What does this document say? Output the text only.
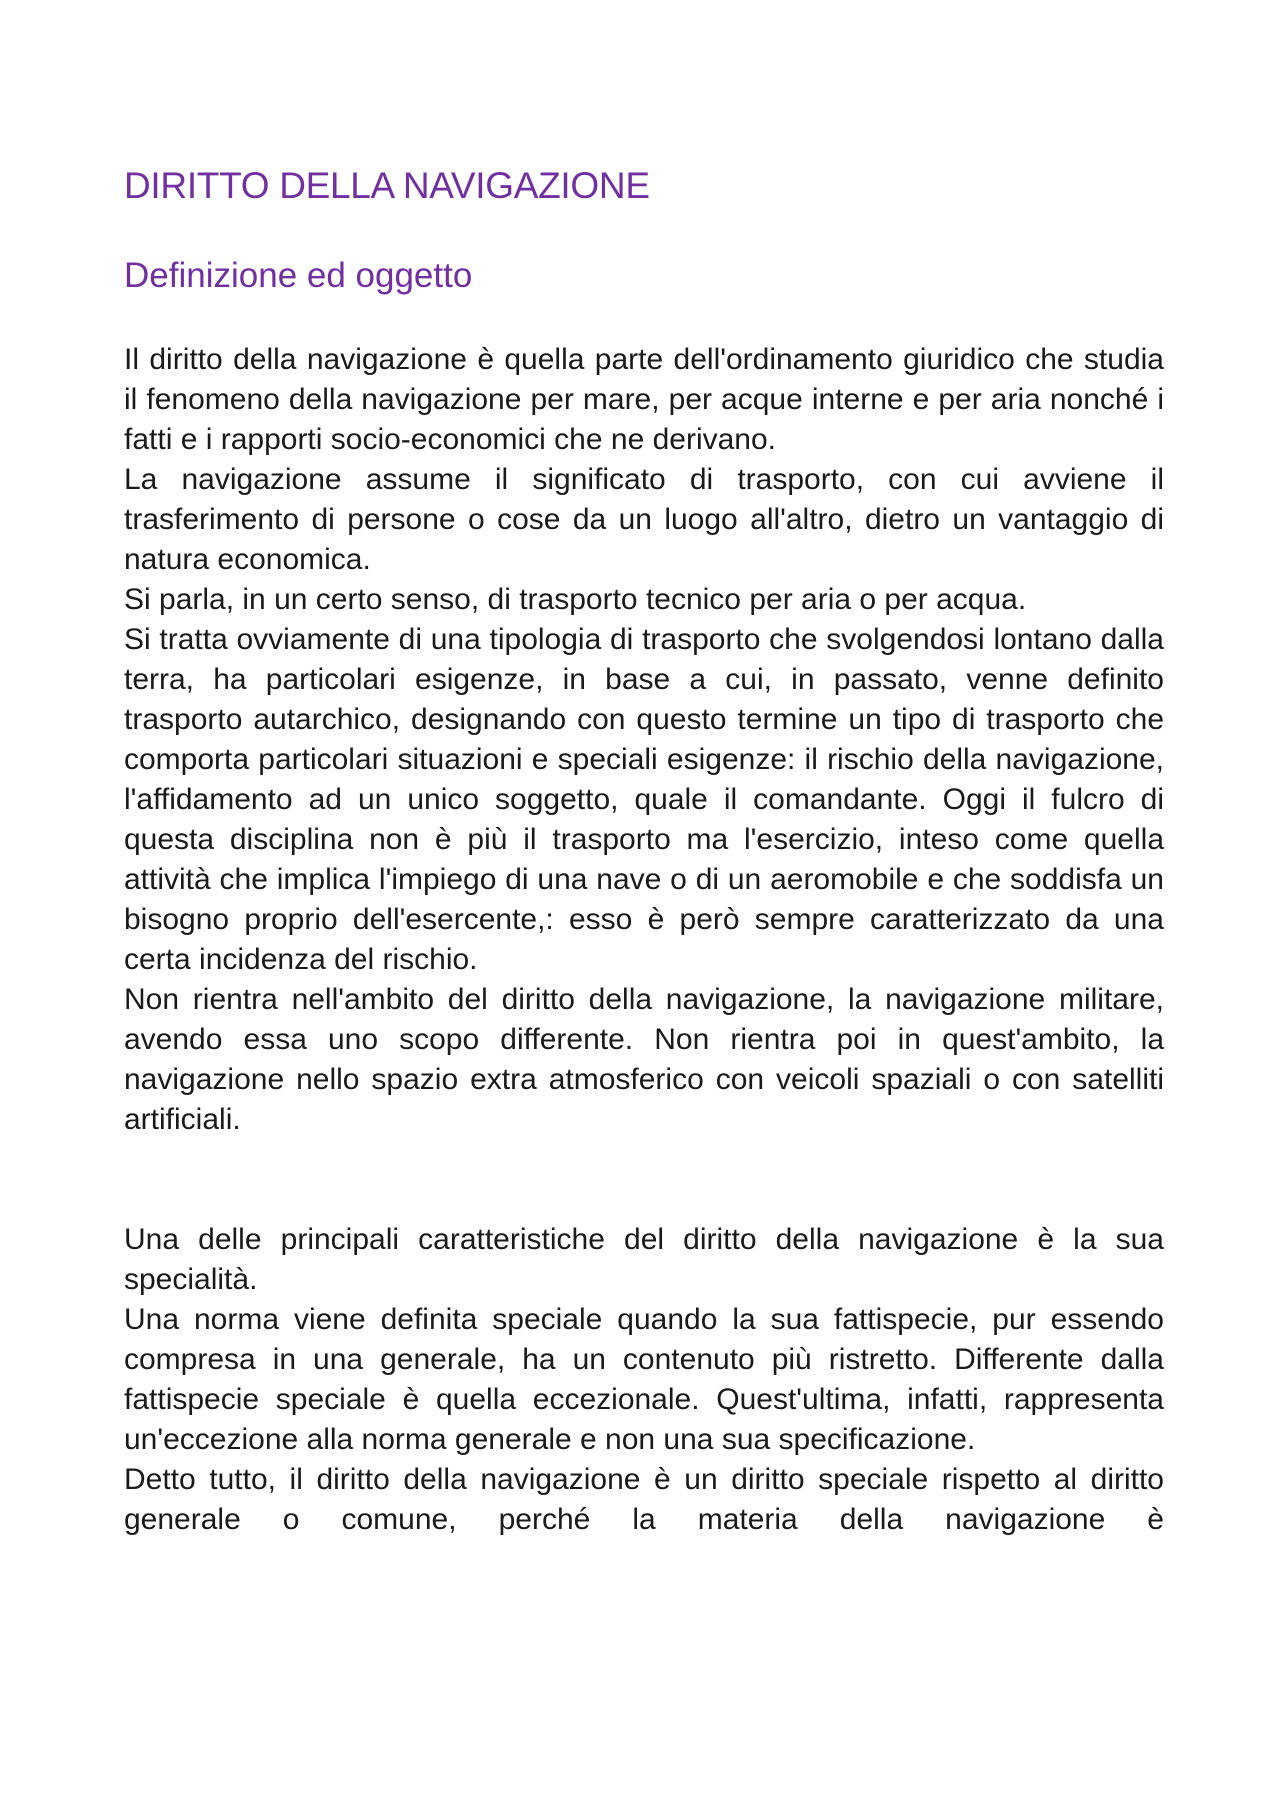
DIRITTO DELLA NAVIGAZIONE
Definizione ed oggetto

Il diritto della navigazione è quella parte dell'ordinamento giuridico che studia il fenomeno della navigazione per mare, per acque interne e per aria nonché i fatti e i rapporti socio-economici che ne derivano.

La navigazione assume il significato di trasporto, con cui avviene il trasferimento di persone o cose da un luogo all'altro, dietro un vantaggio di natura economica.

Si parla, in un certo senso, di trasporto tecnico per aria o per acqua.

Si tratta ovviamente di una tipologia di trasporto che svolgendosi lontano dalla terra, ha particolari esigenze, in base a cui, in passato, venne definito trasporto autarchico, designando con questo termine un tipo di trasporto che comporta particolari situazioni e speciali esigenze: il rischio della navigazione, l'affidamento ad un unico soggetto, quale il comandante. Oggi il fulcro di questa disciplina non è più il trasporto ma l'esercizio, inteso come quella attività che implica l'impiego di una nave o di un aeromobile e che soddisfa un bisogno proprio dell'esercente,: esso è però sempre caratterizzato da una certa incidenza del rischio.

Non rientra nell'ambito del diritto della navigazione, la navigazione militare, avendo essa uno scopo differente. Non rientra poi in quest'ambito, la navigazione nello spazio extra atmosferico con veicoli spaziali o con satelliti artificiali.

Una delle principali caratteristiche del diritto della navigazione è la sua specialità.

Una norma viene definita speciale quando la sua fattispecie, pur essendo compresa in una generale, ha un contenuto più ristretto. Differente dalla fattispecie speciale è quella eccezionale. Quest'ultima, infatti, rappresenta un'eccezione alla norma generale e non una sua specificazione.

Detto tutto, il diritto della navigazione è un diritto speciale rispetto al diritto generale o comune, perché la materia della navigazione è
